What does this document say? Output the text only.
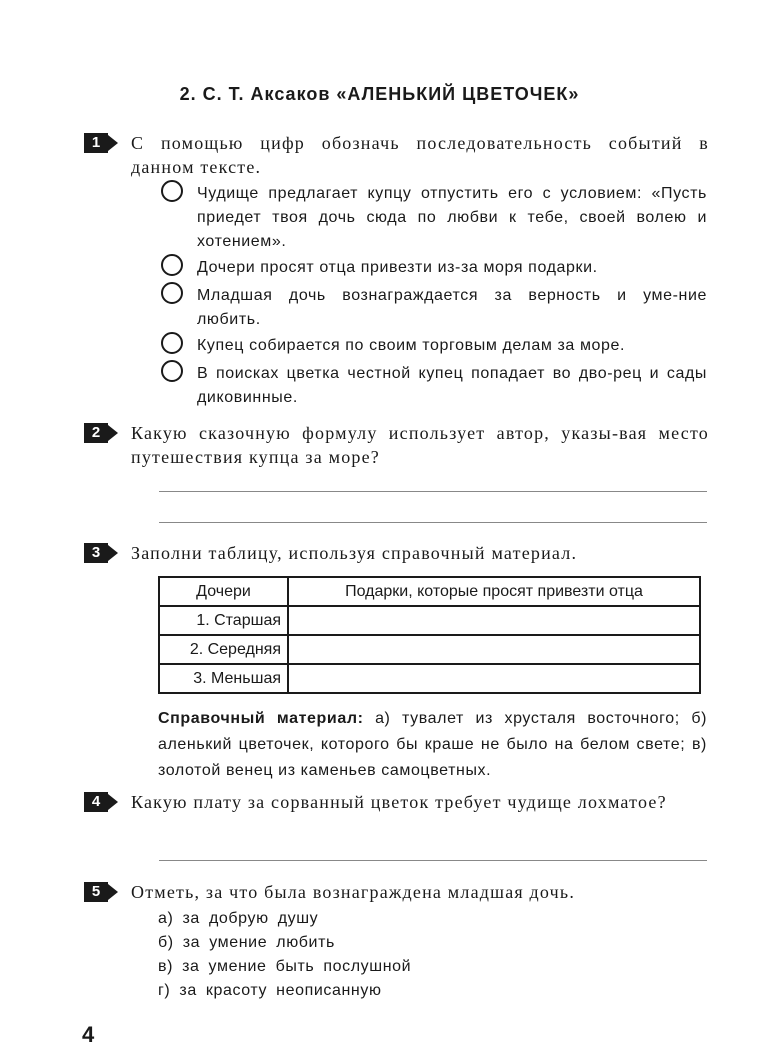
2. С. Т. Аксаков «АЛЕНЬКИЙ ЦВЕТОЧЕК»
1	С помощью цифр обозначь последовательность событий в данном тексте.
Чудище предлагает купцу отпустить его с условием: «Пусть приедет твоя дочь сюда по любви к тебе, своей волею и хотением».
Дочери просят отца привезти из-за моря подарки.
Младшая дочь вознаграждается за верность и уме-ние любить.
Купец собирается по своим торговым делам за море.
В поисках цветка честной купец попадает во дво-рец и сады диковинные.
2	Какую сказочную формулу использует автор, указы-вая место путешествия купца за море?
3	Заполни таблицу, используя справочный материал.
Дочери	Подарки, которые просят привезти отца
1. Старшая	
2. Середняя	
3. Меньшая	
Справочный материал: а) тувалет из хрусталя восточного; б) аленький цветочек, которого бы краше не было на белом свете; в) золотой венец из каменьев самоцветных.
4	Какую плату за сорванный цветок требует чудище лохматое?
5	Отметь, за что была вознаграждена младшая дочь.
а) за добрую душу
б) за умение любить
в) за умение быть послушной
г) за красоту неописанную
4
